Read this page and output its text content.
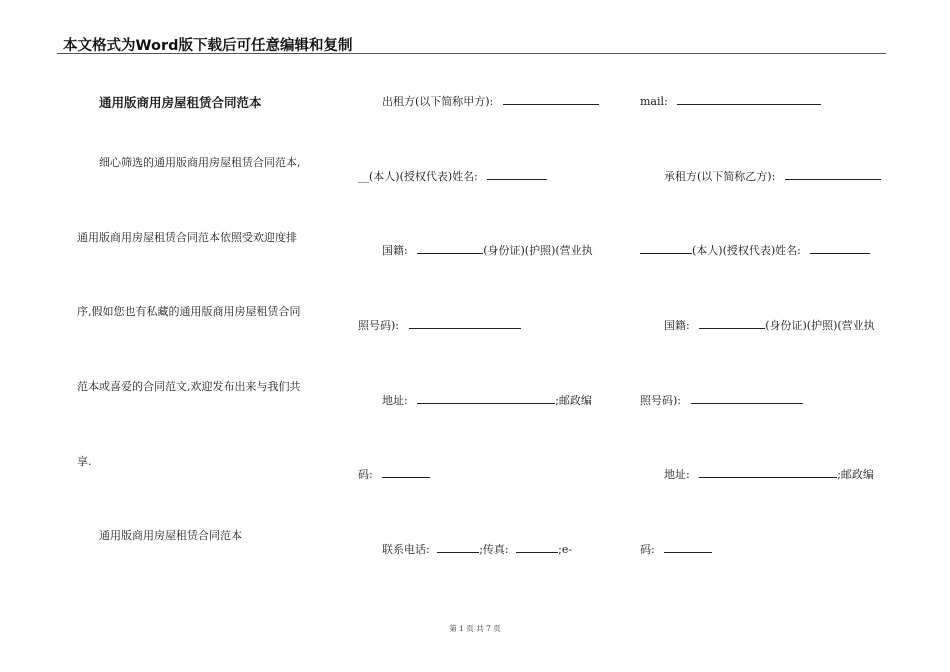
本文格式为Word版下载后可任意编辑和复制
通用版商用房屋租赁合同范本
细心筛选的通用版商用房屋租赁合同范本,
通用版商用房屋租赁合同范本依照受欢迎度排
序,假如您也有私藏的通用版商用房屋租赁合同
范本或喜爱的合同范文,欢迎发布出来与我们共
享.
通用版商用房屋租赁合同范本
出租方(以下简称甲方):
__(本人)(授权代表)姓名:
国籍:	(身份证)(护照)(营业执
照号码):
地址:	;邮政编
码:
联系电话:	;传真:	;e-
mail:
承租方(以下简称乙方):
(本人)(授权代表)姓名:
国籍:	(身份证)(护照)(营业执
照号码):
地址:	;邮政编
码:
第 1 页 共 7 页
